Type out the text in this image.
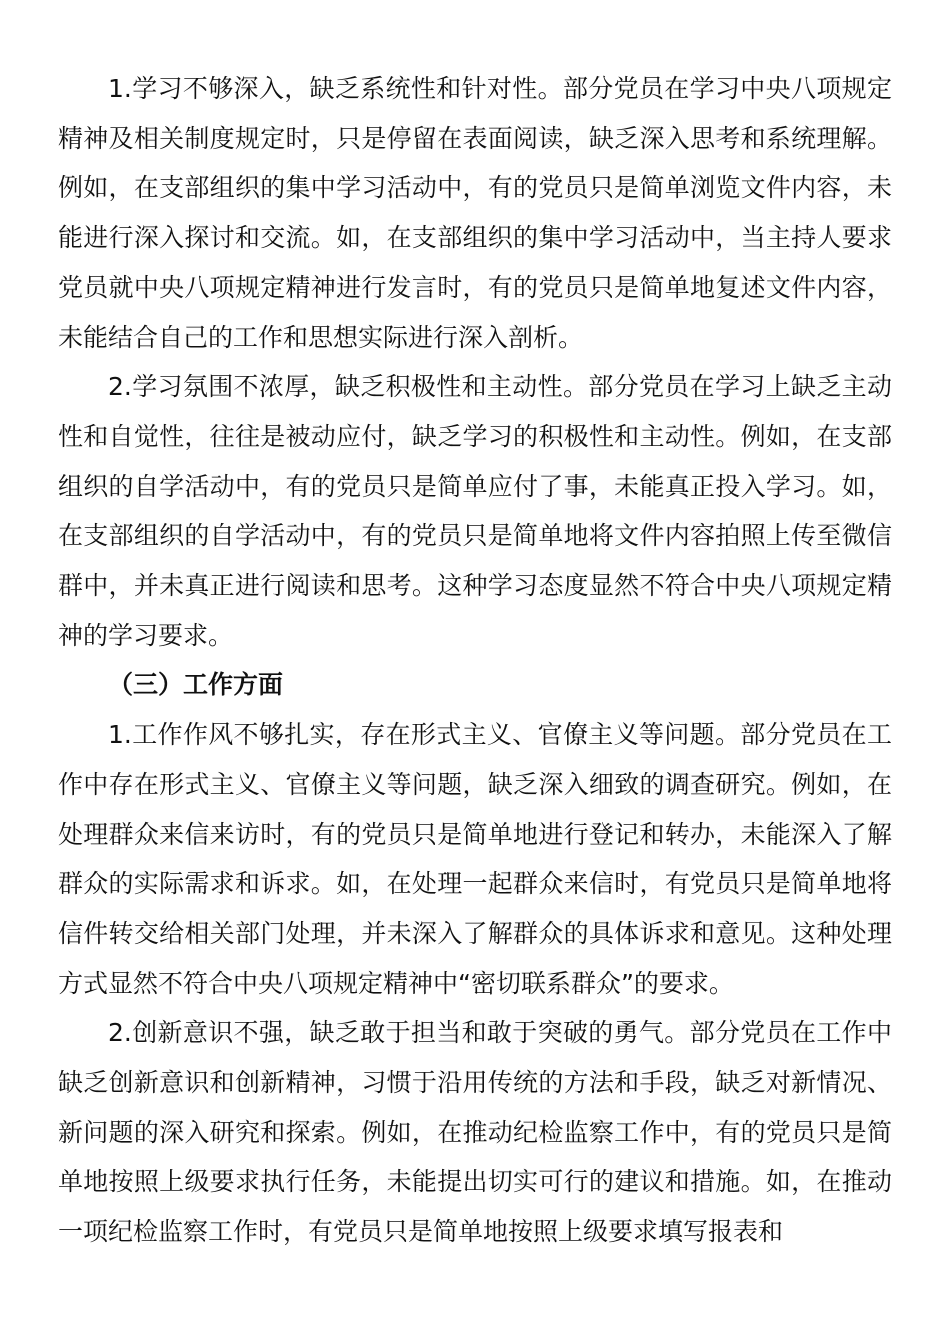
1.学习不够深入，缺乏系统性和针对性。部分党员在学习中央八项规定精神及相关制度规定时，只是停留在表面阅读，缺乏深入思考和系统理解。例如，在支部组织的集中学习活动中，有的党员只是简单浏览文件内容，未能进行深入探讨和交流。如，在支部组织的集中学习活动中，当主持人要求党员就中央八项规定精神进行发言时，有的党员只是简单地复述文件内容，未能结合自己的工作和思想实际进行深入剖析。

2.学习氛围不浓厚，缺乏积极性和主动性。部分党员在学习上缺乏主动性和自觉性，往往是被动应付，缺乏学习的积极性和主动性。例如，在支部组织的自学活动中，有的党员只是简单应付了事，未能真正投入学习。如，在支部组织的自学活动中，有的党员只是简单地将文件内容拍照上传至微信群中，并未真正进行阅读和思考。这种学习态度显然不符合中央八项规定精神的学习要求。

（三）工作方面

1.工作作风不够扎实，存在形式主义、官僚主义等问题。部分党员在工作中存在形式主义、官僚主义等问题，缺乏深入细致的调查研究。例如，在处理群众来信来访时，有的党员只是简单地进行登记和转办，未能深入了解群众的实际需求和诉求。如，在处理一起群众来信时，有党员只是简单地将信件转交给相关部门处理，并未深入了解群众的具体诉求和意见。这种处理方式显然不符合中央八项规定精神中“密切联系群众”的要求。

2.创新意识不强，缺乏敢于担当和敢于突破的勇气。部分党员在工作中缺乏创新意识和创新精神，习惯于沿用传统的方法和手段，缺乏对新情况、新问题的深入研究和探索。例如，在推动纪检监察工作中，有的党员只是简单地按照上级要求执行任务，未能提出切实可行的建议和措施。如，在推动一项纪检监察工作时，有党员只是简单地按照上级要求填写报表和
